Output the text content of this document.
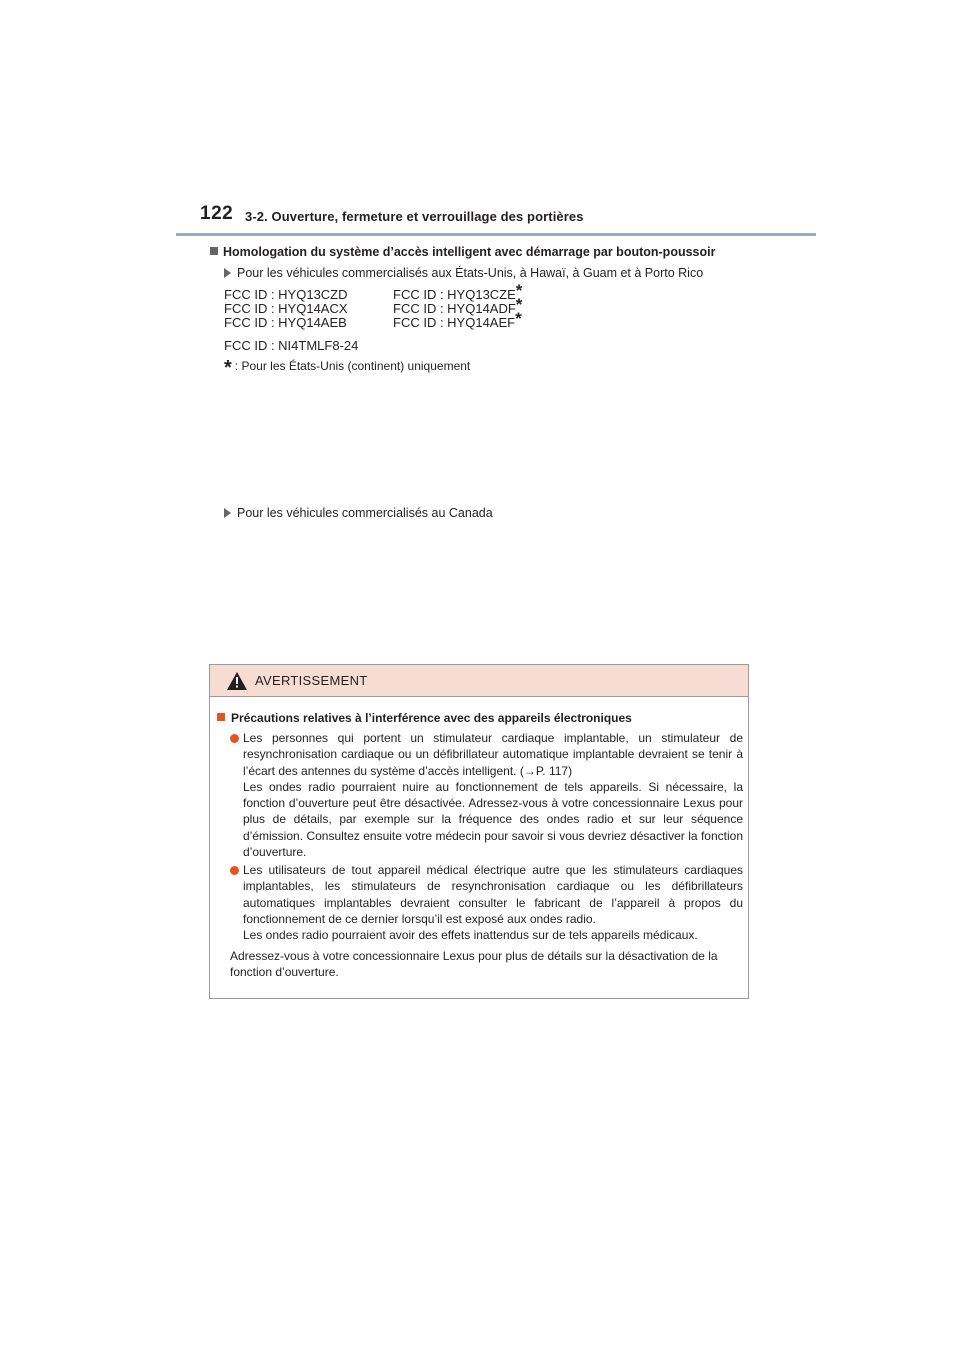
122 3-2. Ouverture, fermeture et verrouillage des portières
Homologation du système d’accès intelligent avec démarrage par bouton-poussoir
Pour les véhicules commercialisés aux États-Unis, à Hawaï, à Guam et à Porto Rico
FCC ID : HYQ13CZD
FCC ID : HYQ14ACX
FCC ID : HYQ14AEB
FCC ID : HYQ13CZE*
FCC ID : HYQ14ADF*
FCC ID : HYQ14AEF*
FCC ID : NI4TMLF8-24
* : Pour les États-Unis (continent) uniquement
Pour les véhicules commercialisés au Canada
AVERTISSEMENT
Précautions relatives à l’interférence avec des appareils électroniques

Les personnes qui portent un stimulateur cardiaque implantable, un stimulateur de resynchronisation cardiaque ou un défibrillateur automatique implantable devraient se tenir à l’écart des antennes du système d’accès intelligent. (→P. 117)

Les ondes radio pourraient nuire au fonctionnement de tels appareils. Si nécessaire, la fonction d’ouverture peut être désactivée. Adressez-vous à votre concessionnaire Lexus pour plus de détails, par exemple sur la fréquence des ondes radio et sur leur séquence d’émission. Consultez ensuite votre médecin pour savoir si vous devriez désactiver la fonction d’ouverture.

Les utilisateurs de tout appareil médical électrique autre que les stimulateurs cardiaques implantables, les stimulateurs de resynchronisation cardiaque ou les défibrillateurs automatiques implantables devraient consulter le fabricant de l’appareil à propos du fonctionnement de ce dernier lorsqu’il est exposé aux ondes radio.

Les ondes radio pourraient avoir des effets inattendus sur de tels appareils médicaux.

Adressez-vous à votre concessionnaire Lexus pour plus de détails sur la désactivation de la fonction d’ouverture.
